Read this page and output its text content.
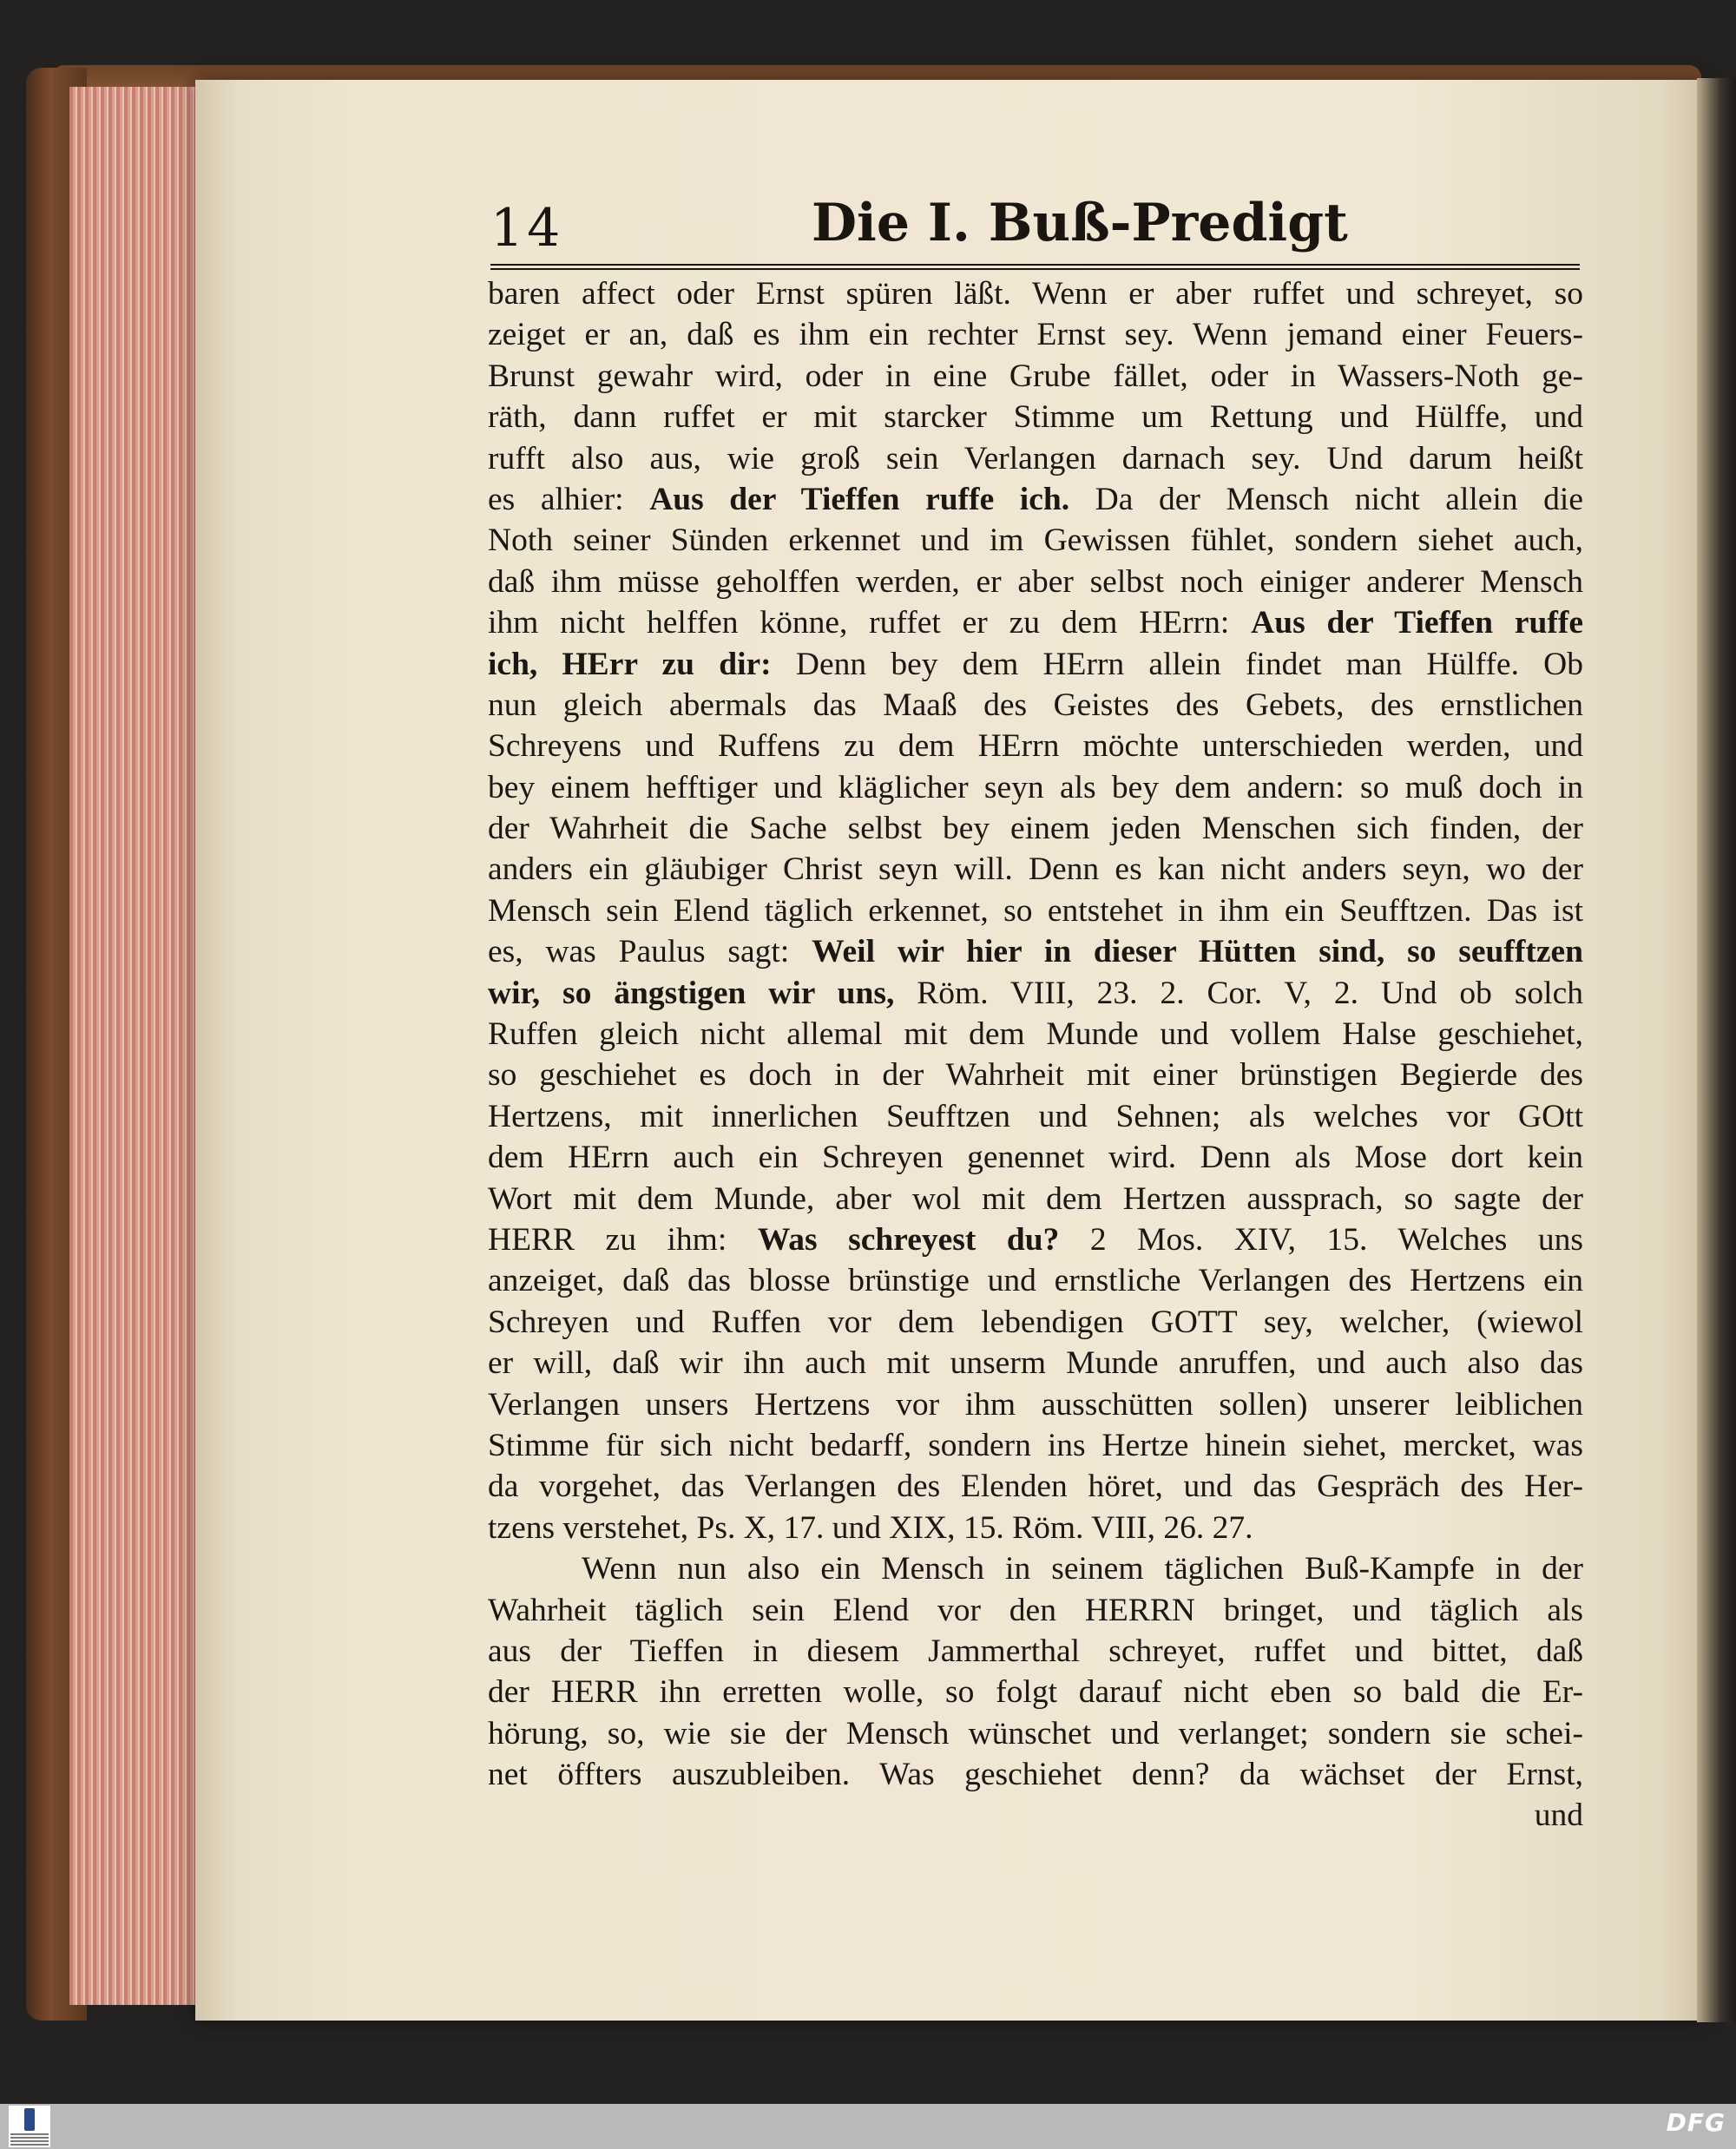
14	Die I. Buß-Predigt
baren affect oder Ernst spüren läßt. Wenn er aber ruffet und schreyet, so
zeiget er an, daß es ihm ein rechter Ernst sey. Wenn jemand einer Feuers-
Brunst gewahr wird, oder in eine Grube fället, oder in Wassers-Noth ge-
räth, dann ruffet er mit starcker Stimme um Rettung und Hülffe, und
rufft also aus, wie groß sein Verlangen darnach sey. Und darum heißt
es alhier: Aus der Tieffen ruffe ich. Da der Mensch nicht allein die
Noth seiner Sünden erkennet und im Gewissen fühlet, sondern siehet auch,
daß ihm müsse geholffen werden, er aber selbst noch einiger anderer Mensch
ihm nicht helffen könne, ruffet er zu dem HErrn: Aus der Tieffen ruffe
ich, HErr zu dir: Denn bey dem HErrn allein findet man Hülffe. Ob
nun gleich abermals das Maaß des Geistes des Gebets, des ernstlichen
Schreyens und Ruffens zu dem HErrn möchte unterschieden werden, und
bey einem hefftiger und kläglicher seyn als bey dem andern: so muß doch in
der Wahrheit die Sache selbst bey einem jeden Menschen sich finden, der
anders ein gläubiger Christ seyn will. Denn es kan nicht anders seyn, wo der
Mensch sein Elend täglich erkennet, so entstehet in ihm ein Seufftzen. Das ist
es, was Paulus sagt: Weil wir hier in dieser Hütten sind, so seufftzen
wir, so ängstigen wir uns, Röm. VIII, 23. 2. Cor. V, 2. Und ob solch
Ruffen gleich nicht allemal mit dem Munde und vollem Halse geschiehet,
so geschiehet es doch in der Wahrheit mit einer brünstigen Begierde des
Hertzens, mit innerlichen Seufftzen und Sehnen; als welches vor GOtt
dem HErrn auch ein Schreyen genennet wird. Denn als Mose dort kein
Wort mit dem Munde, aber wol mit dem Hertzen aussprach, so sagte der
HERR zu ihm: Was schreyest du? 2 Mos. XIV, 15. Welches uns
anzeiget, daß das blosse brünstige und ernstliche Verlangen des Hertzens ein
Schreyen und Ruffen vor dem lebendigen GOTT sey, welcher, (wiewol
er will, daß wir ihn auch mit unserm Munde anruffen, und auch also das
Verlangen unsers Hertzens vor ihm ausschütten sollen) unserer leiblichen
Stimme für sich nicht bedarff, sondern ins Hertze hinein siehet, mercket, was
da vorgehet, das Verlangen des Elenden höret, und das Gespräch des Her-
tzens verstehet, Ps. X, 17. und XIX, 15. Röm. VIII, 26. 27.
Wenn nun also ein Mensch in seinem täglichen Buß-Kampfe in der
Wahrheit täglich sein Elend vor den HERRN bringet, und täglich als
aus der Tieffen in diesem Jammerthal schreyet, ruffet und bittet, daß
der HERR ihn erretten wolle, so folgt darauf nicht eben so bald die Er-
hörung, so, wie sie der Mensch wünschet und verlanget; sondern sie schei-
net öffters auszubleiben. Was geschiehet denn? da wächset der Ernst,
und
DFG
